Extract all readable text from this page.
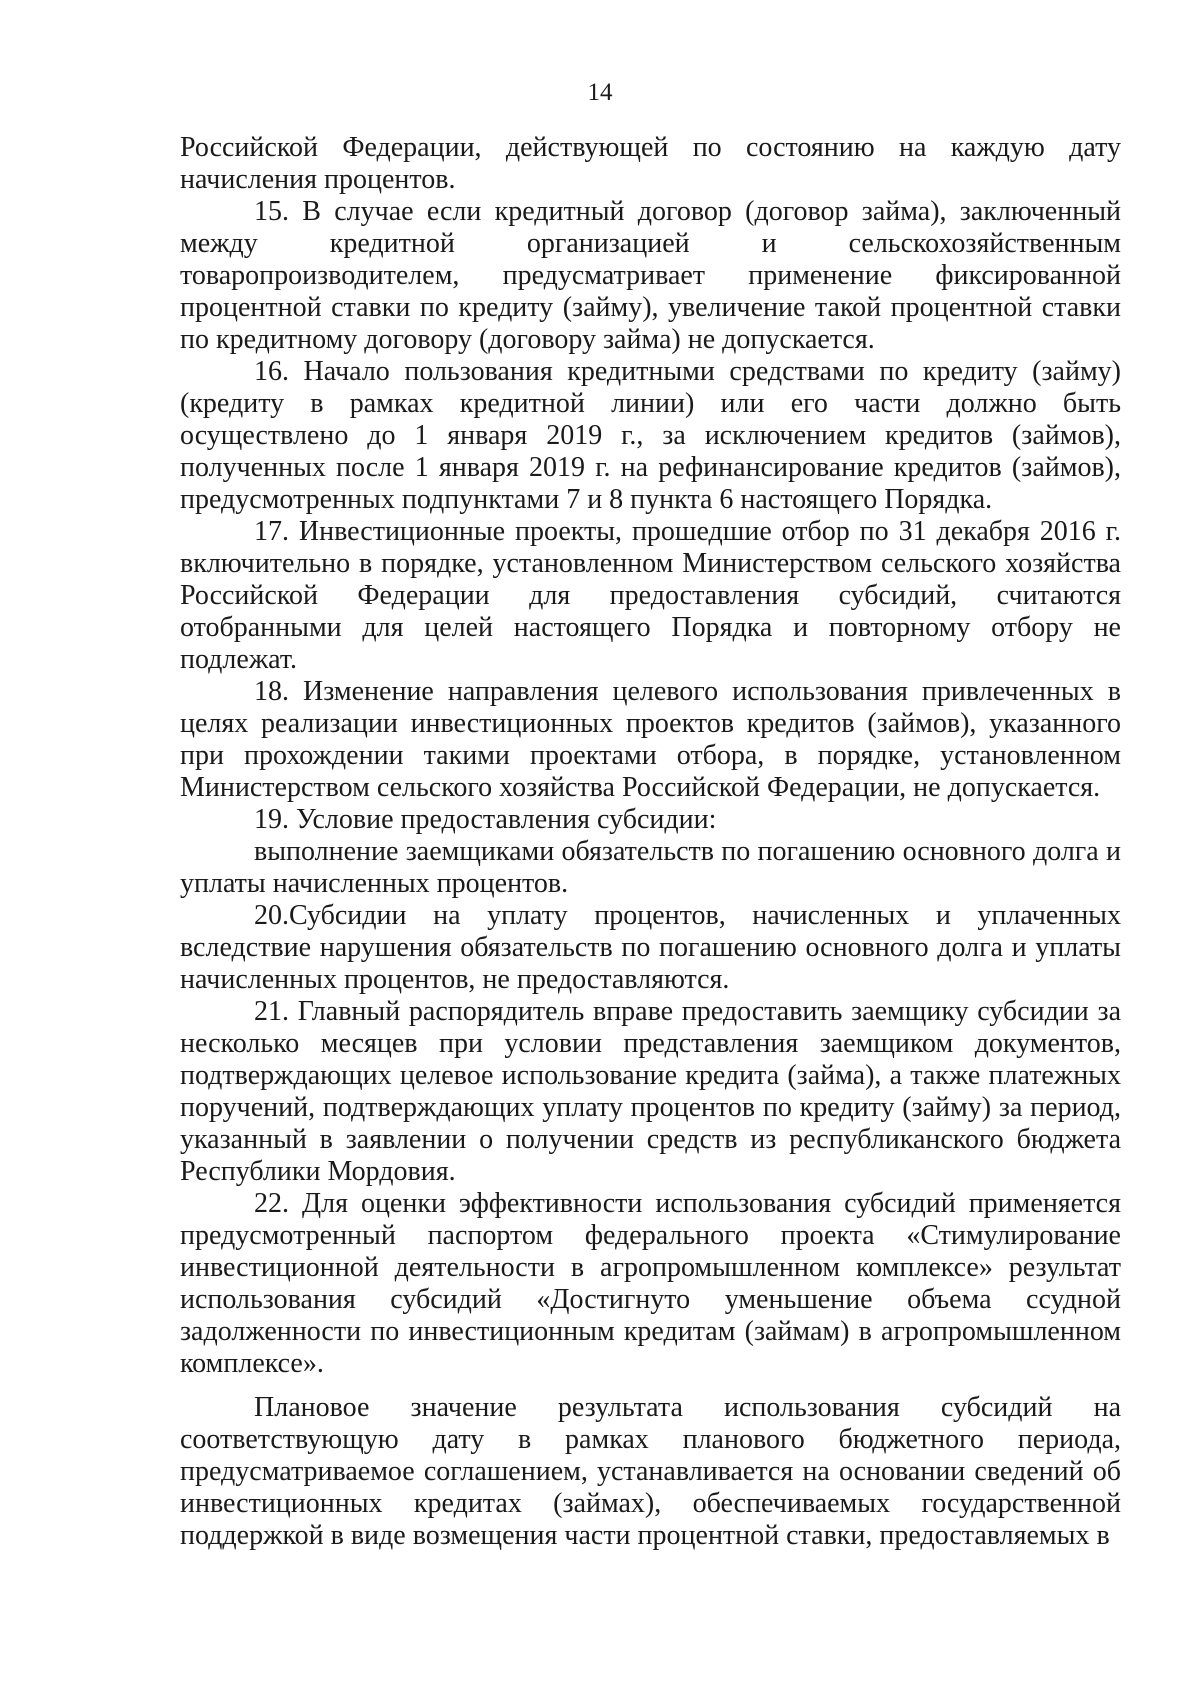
14

Российской Федерации, действующей по состоянию на каждую дату начисления процентов.

15. В случае если кредитный договор (договор займа), заключенный между кредитной организацией и сельскохозяйственным товаропроизводителем, предусматривает применение фиксированной процентной ставки по кредиту (займу), увеличение такой процентной ставки по кредитному договору (договору займа) не допускается.

16. Начало пользования кредитными средствами по кредиту (займу) (кредиту в рамках кредитной линии) или его части должно быть осуществлено до 1 января 2019 г., за исключением кредитов (займов), полученных после 1 января 2019 г. на рефинансирование кредитов (займов), предусмотренных подпунктами 7 и 8 пункта 6 настоящего Порядка.

17. Инвестиционные проекты, прошедшие отбор по 31 декабря 2016 г. включительно в порядке, установленном Министерством сельского хозяйства Российской Федерации для предоставления субсидий, считаются отобранными для целей настоящего Порядка и повторному отбору не подлежат.

18. Изменение направления целевого использования привлеченных в целях реализации инвестиционных проектов кредитов (займов), указанного при прохождении такими проектами отбора, в порядке, установленном Министерством сельского хозяйства Российской Федерации, не допускается.

19. Условие предоставления субсидии:

выполнение заемщиками обязательств по погашению основного долга и уплаты начисленных процентов.

20.Субсидии на уплату процентов, начисленных и уплаченных вследствие нарушения обязательств по погашению основного долга и уплаты начисленных процентов, не предоставляются.

21. Главный распорядитель вправе предоставить заемщику субсидии за несколько месяцев при условии представления заемщиком документов, подтверждающих целевое использование кредита (займа), а также платежных поручений, подтверждающих уплату процентов по кредиту (займу) за период, указанный в заявлении о получении средств из республиканского бюджета Республики Мордовия.

22. Для оценки эффективности использования субсидий применяется предусмотренный паспортом федерального проекта «Стимулирование инвестиционной деятельности в агропромышленном комплексе» результат использования субсидий «Достигнуто уменьшение объема ссудной задолженности по инвестиционным кредитам (займам) в агропромышленном комплексе».

Плановое значение результата использования субсидий на соответствующую дату в рамках планового бюджетного периода, предусматриваемое соглашением, устанавливается на основании сведений об инвестиционных кредитах (займах), обеспечиваемых государственной поддержкой в виде возмещения части процентной ставки, предоставляемых в
